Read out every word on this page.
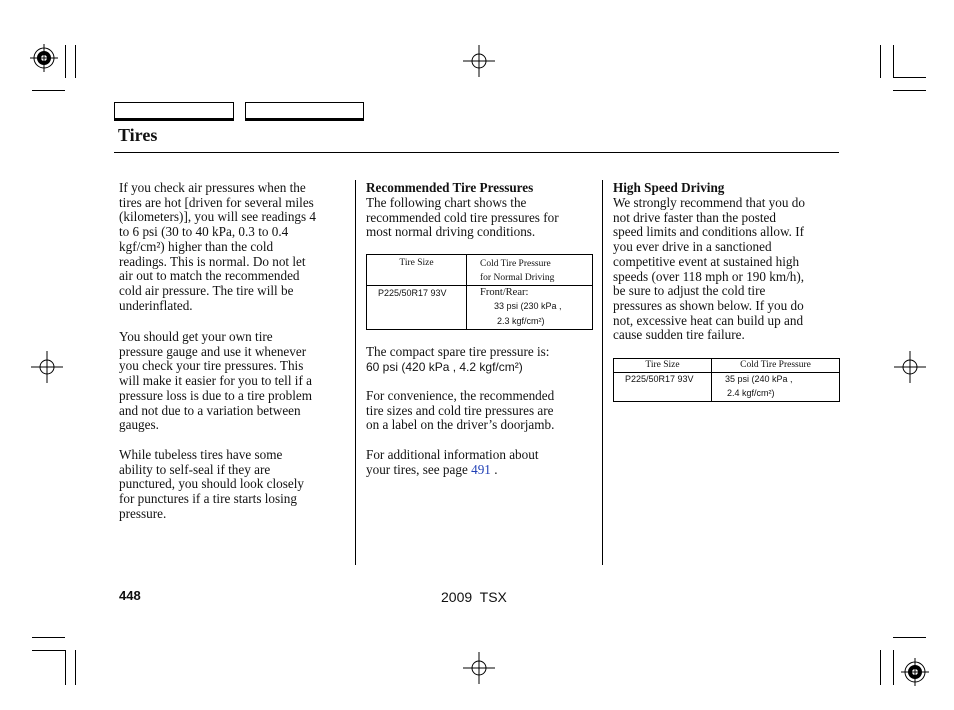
Tires
If you check air pressures when the
tires are hot [driven for several miles
(kilometers)], you will see readings 4
to 6 psi (30 to 40 kPa, 0.3 to 0.4
kgf/cm²) higher than the cold
readings. This is normal. Do not let
air out to match the recommended
cold air pressure. The tire will be
underinflated.
You should get your own tire
pressure gauge and use it whenever
you check your tire pressures. This
will make it easier for you to tell if a
pressure loss is due to a tire problem
and not due to a variation between
gauges.
While tubeless tires have some
ability to self-seal if they are
punctured, you should look closely
for punctures if a tire starts losing
pressure.
Recommended Tire Pressures
The following chart shows the
recommended cold tire pressures for
most normal driving conditions.
Tire Size	Cold Tire Pressure
for Normal Driving

P225/50R17 93V	Front/Rear:
33 psi (230 kPa ,
2.3 kgf/cm²)
The compact spare tire pressure is:
60 psi (420 kPa , 4.2 kgf/cm²)
For convenience, the recommended
tire sizes and cold tire pressures are
on a label on the driver’s doorjamb.
For additional information about
your tires, see page 491 .
High Speed Driving
We strongly recommend that you do
not drive faster than the posted
speed limits and conditions allow. If
you ever drive in a sanctioned
competitive event at sustained high
speeds (over 118 mph or 190 km/h),
be sure to adjust the cold tire
pressures as shown below. If you do
not, excessive heat can build up and
cause sudden tire failure.
Tire Size	Cold Tire Pressure

P225/50R17 93V	35 psi (240 kPa ,
2.4 kgf/cm²)
448	2009  TSX
